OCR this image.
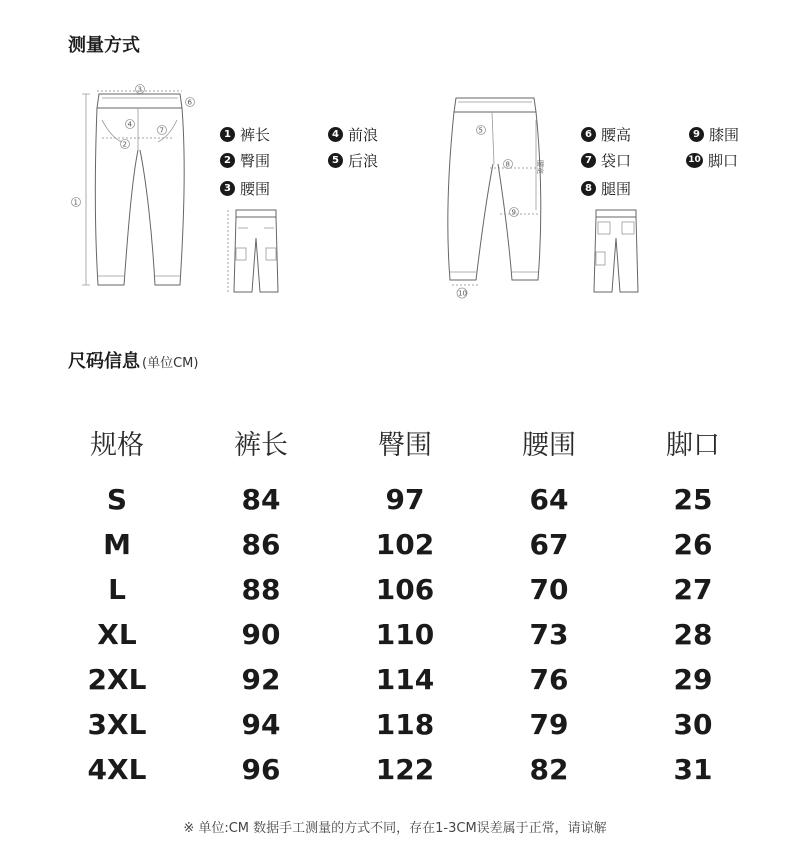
测量方式
1
2
3
6
7
4
腰宽
8
9
5
10
1 裤长
2 臀围
3 腰围
4 前浪
5 后浪
6 腰高
7 袋口
8 腿围
9 膝围
10 脚口
尺码信息 (单位CM)
规格	裤长	臀围	腰围	脚口
S	84	97	64	25
M	86	102	67	26
L	88	106	70	27
XL	90	110	73	28
2XL	92	114	76	29
3XL	94	118	79	30
4XL	96	122	82	31
※ 单位:CM 数据手工测量的方式不同，存在1-3CM误差属于正常，请谅解
